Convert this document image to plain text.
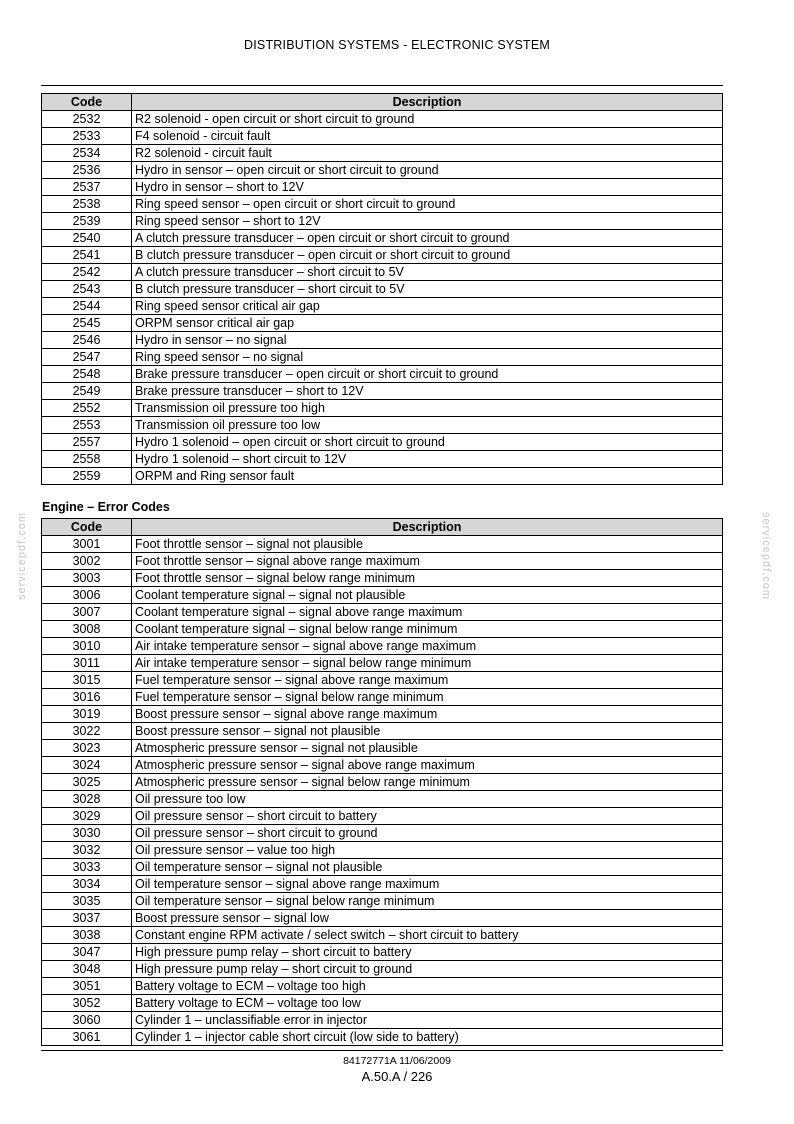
DISTRIBUTION SYSTEMS - ELECTRONIC SYSTEM
Code	Description
2532	R2 solenoid - open circuit or short circuit to ground
2533	F4 solenoid - circuit fault
2534	R2 solenoid - circuit fault
2536	Hydro in sensor – open circuit or short circuit to ground
2537	Hydro in sensor – short to 12V
2538	Ring speed sensor – open circuit or short circuit to ground
2539	Ring speed sensor – short to 12V
2540	A clutch pressure transducer – open circuit or short circuit to ground
2541	B clutch pressure transducer – open circuit or short circuit to ground
2542	A clutch pressure transducer – short circuit to 5V
2543	B clutch pressure transducer – short circuit to 5V
2544	Ring speed sensor critical air gap
2545	ORPM sensor critical air gap
2546	Hydro in sensor – no signal
2547	Ring speed sensor – no signal
2548	Brake pressure transducer – open circuit or short circuit to ground
2549	Brake pressure transducer – short to 12V
2552	Transmission oil pressure too high
2553	Transmission oil pressure too low
2557	Hydro 1 solenoid – open circuit or short circuit to ground
2558	Hydro 1 solenoid – short circuit to 12V
2559	ORPM and Ring sensor fault
Engine – Error Codes
Code	Description
3001	Foot throttle sensor – signal not plausible
3002	Foot throttle sensor – signal above range maximum
3003	Foot throttle sensor – signal below range minimum
3006	Coolant temperature signal – signal not plausible
3007	Coolant temperature signal – signal above range maximum
3008	Coolant temperature signal – signal below range minimum
3010	Air intake temperature sensor – signal above range maximum
3011	Air intake temperature sensor – signal below range minimum
3015	Fuel temperature sensor – signal above range maximum
3016	Fuel temperature sensor – signal below range minimum
3019	Boost pressure sensor – signal above range maximum
3022	Boost pressure sensor – signal not plausible
3023	Atmospheric pressure sensor – signal not plausible
3024	Atmospheric pressure sensor – signal above range maximum
3025	Atmospheric pressure sensor – signal below range minimum
3028	Oil pressure too low
3029	Oil pressure sensor – short circuit to battery
3030	Oil pressure sensor – short circuit to ground
3032	Oil pressure sensor – value too high
3033	Oil temperature sensor – signal not plausible
3034	Oil temperature sensor – signal above range maximum
3035	Oil temperature sensor – signal below range minimum
3037	Boost pressure sensor – signal low
3038	Constant engine RPM activate / select switch – short circuit to battery
3047	High pressure pump relay – short circuit to battery
3048	High pressure pump relay – short circuit to ground
3051	Battery voltage to ECM – voltage too high
3052	Battery voltage to ECM – voltage too low
3060	Cylinder 1 – unclassifiable error in injector
3061	Cylinder 1 – injector cable short circuit (low side to battery)
servicepdf.com	servicepdf.com
84172771A 11/06/2009
A.50.A / 226
